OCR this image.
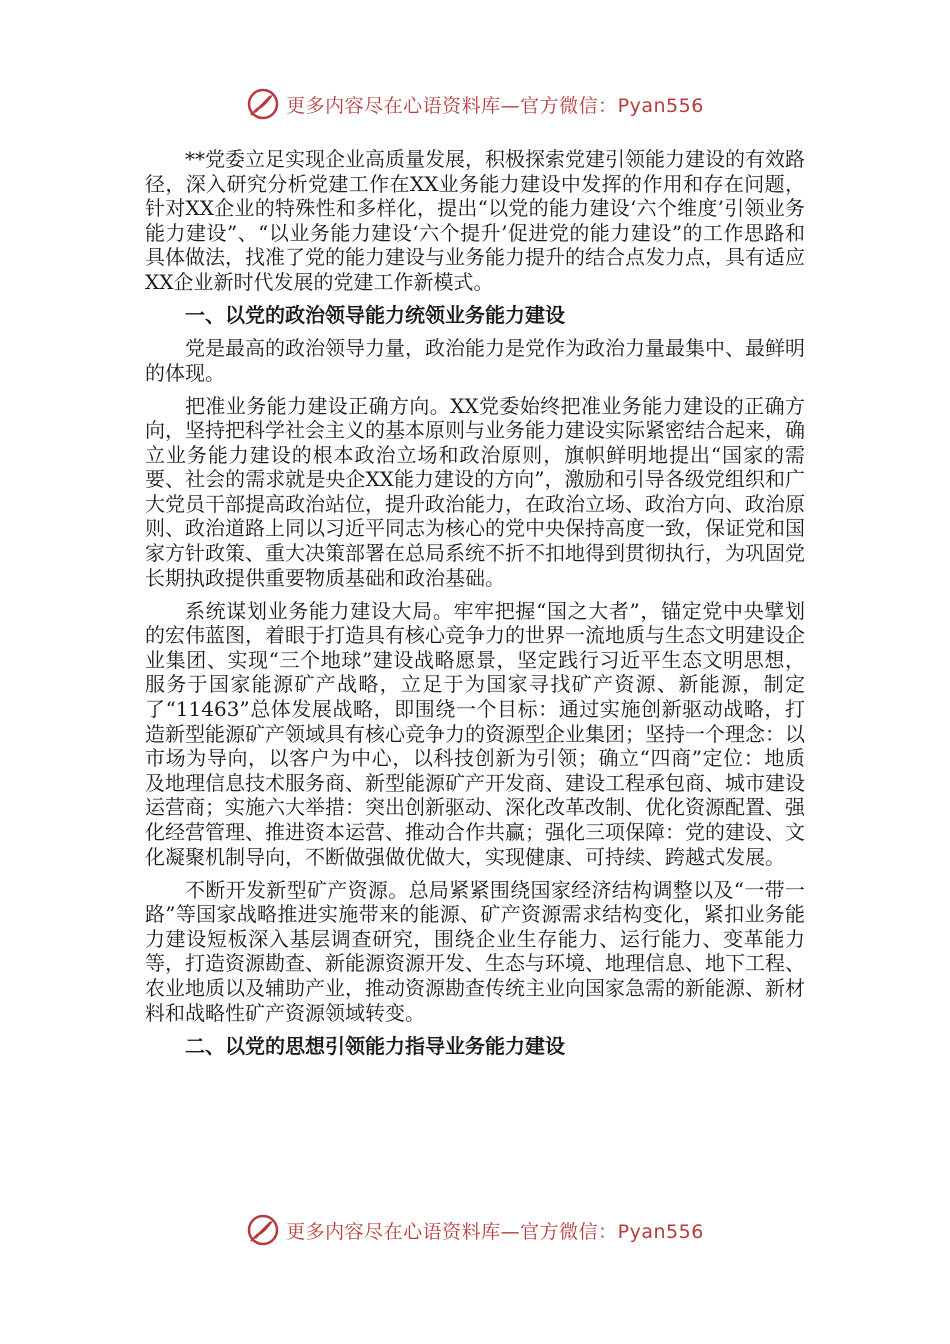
更多内容尽在心语资料库—官方微信：Pyan556

**党委立足实现企业高质量发展，积极探索党建引领能力建设的有效路径，深入研究分析党建工作在XX业务能力建设中发挥的作用和存在问题，针对XX企业的特殊性和多样化，提出“以党的能力建设‘六个维度’引领业务能力建设”、“以业务能力建设‘六个提升’促进党的能力建设”的工作思路和具体做法，找准了党的能力建设与业务能力提升的结合点发力点，具有适应XX企业新时代发展的党建工作新模式。

一、以党的政治领导能力统领业务能力建设

党是最高的政治领导力量，政治能力是党作为政治力量最集中、最鲜明的体现。

把准业务能力建设正确方向。XX党委始终把准业务能力建设的正确方向，坚持把科学社会主义的基本原则与业务能力建设实际紧密结合起来，确立业务能力建设的根本政治立场和政治原则，旗帜鲜明地提出“国家的需要、社会的需求就是央企XX能力建设的方向”，激励和引导各级党组织和广大党员干部提高政治站位，提升政治能力，在政治立场、政治方向、政治原则、政治道路上同以习近平同志为核心的党中央保持高度一致，保证党和国家方针政策、重大决策部署在总局系统不折不扣地得到贯彻执行，为巩固党长期执政提供重要物质基础和政治基础。

系统谋划业务能力建设大局。牢牢把握“国之大者”，锚定党中央擘划的宏伟蓝图，着眼于打造具有核心竞争力的世界一流地质与生态文明建设企业集团、实现“三个地球”建设战略愿景，坚定践行习近平生态文明思想，服务于国家能源矿产战略，立足于为国家寻找矿产资源、新能源，制定了“11463”总体发展战略，即围绕一个目标：通过实施创新驱动战略，打造新型能源矿产领域具有核心竞争力的资源型企业集团；坚持一个理念：以市场为导向，以客户为中心，以科技创新为引领；确立“四商”定位：地质及地理信息技术服务商、新型能源矿产开发商、建设工程承包商、城市建设运营商；实施六大举措：突出创新驱动、深化改革改制、优化资源配置、强化经营管理、推进资本运营、推动合作共赢；强化三项保障：党的建设、文化凝聚机制导向，不断做强做优做大，实现健康、可持续、跨越式发展。

不断开发新型矿产资源。总局紧紧围绕国家经济结构调整以及“一带一路”等国家战略推进实施带来的能源、矿产资源需求结构变化，紧扣业务能力建设短板深入基层调查研究，围绕企业生存能力、运行能力、变革能力等，打造资源勘查、新能源资源开发、生态与环境、地理信息、地下工程、农业地质以及辅助产业，推动资源勘查传统主业向国家急需的新能源、新材料和战略性矿产资源领域转变。

二、以党的思想引领能力指导业务能力建设

更多内容尽在心语资料库—官方微信：Pyan556
